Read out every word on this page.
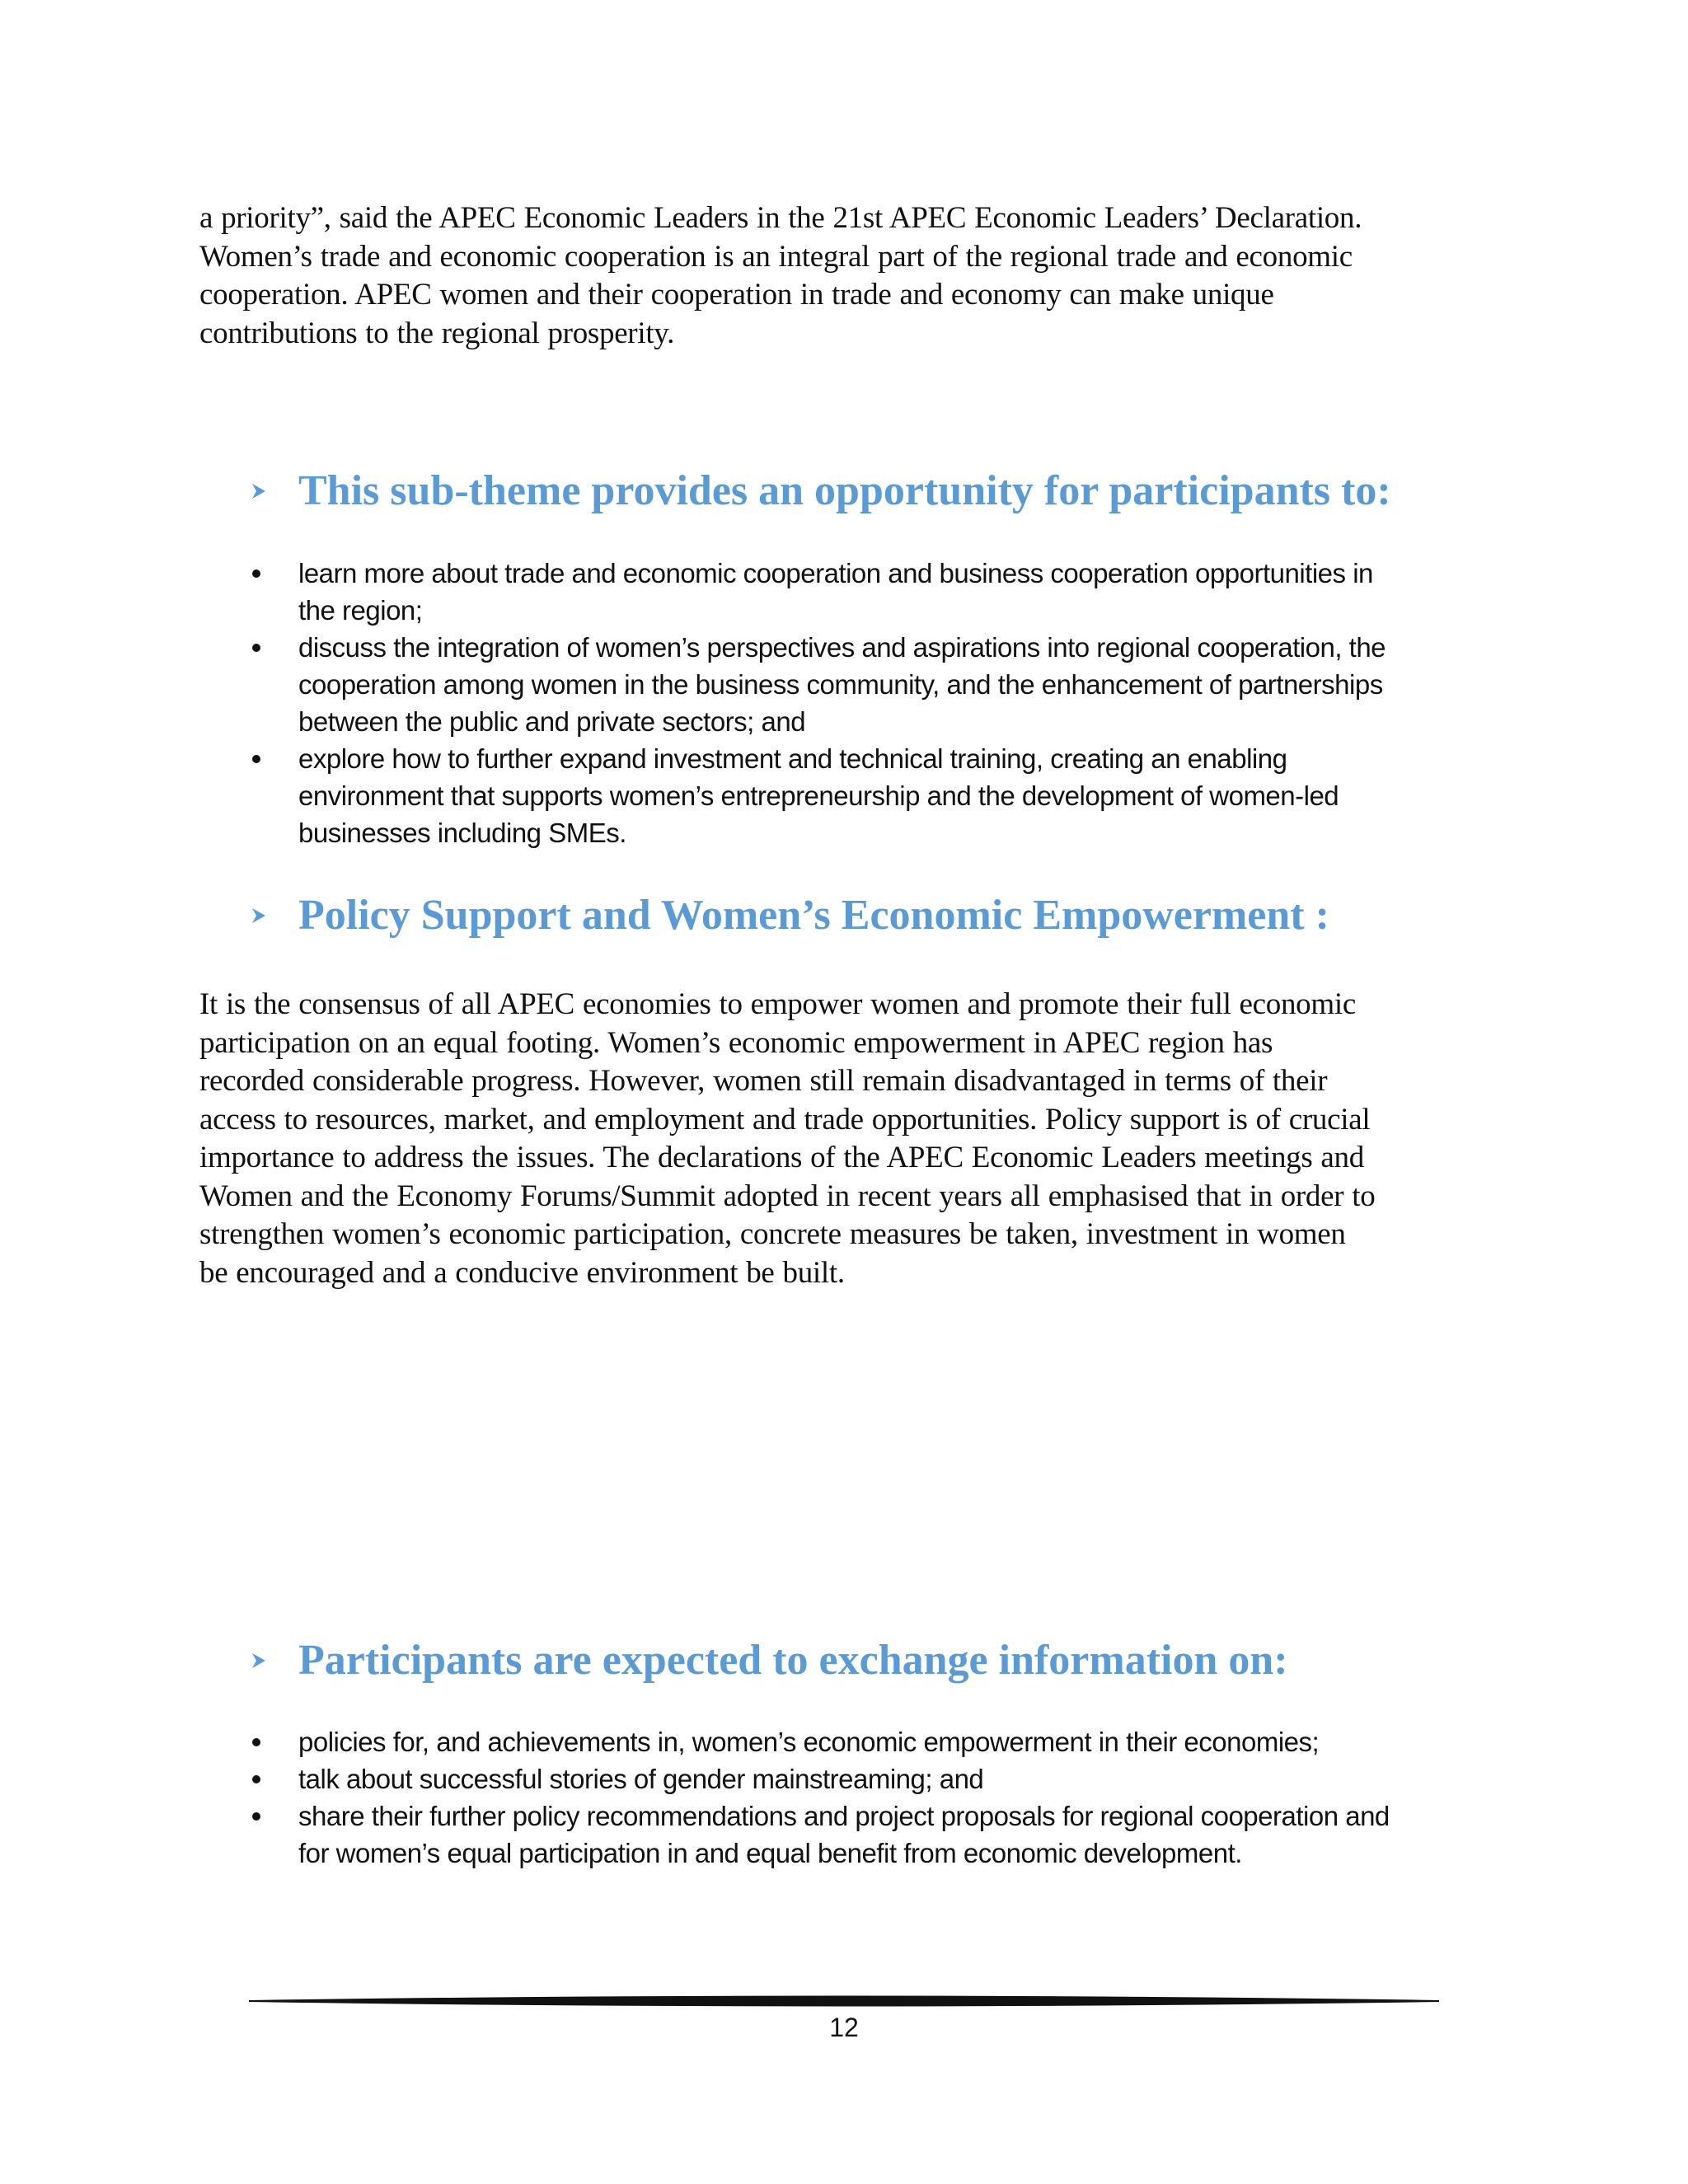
a priority”, said the APEC Economic Leaders in the 21st APEC Economic Leaders’ Declaration.
Women’s trade and economic cooperation is an integral part of the regional trade and economic
cooperation. APEC women and their cooperation in trade and economy can make unique
contributions to the regional prosperity.
This sub-theme provides an opportunity for participants to:
learn more about trade and economic cooperation and business cooperation opportunities in
the region;
discuss the integration of women’s perspectives and aspirations into regional cooperation, the
cooperation among women in the business community, and the enhancement of partnerships
between the public and private sectors; and
explore how to further expand investment and technical training, creating an enabling
environment that supports women’s entrepreneurship and the development of women-led
businesses including SMEs.
Policy Support and Women’s Economic Empowerment :
It is the consensus of all APEC economies to empower women and promote their full economic
participation on an equal footing. Women’s economic empowerment in APEC region has
recorded considerable progress. However, women still remain disadvantaged in terms of their
access to resources, market, and employment and trade opportunities. Policy support is of crucial
importance to address the issues. The declarations of the APEC Economic Leaders meetings and
Women and the Economy Forums/Summit adopted in recent years all emphasised that in order to
strengthen women’s economic participation, concrete measures be taken, investment in women
be encouraged and a conducive environment be built.
Participants are expected to exchange information on:
policies for, and achievements in, women’s economic empowerment in their economies;
talk about successful stories of gender mainstreaming; and
share their further policy recommendations and project proposals for regional cooperation and
for women’s equal participation in and equal benefit from economic development.
12
